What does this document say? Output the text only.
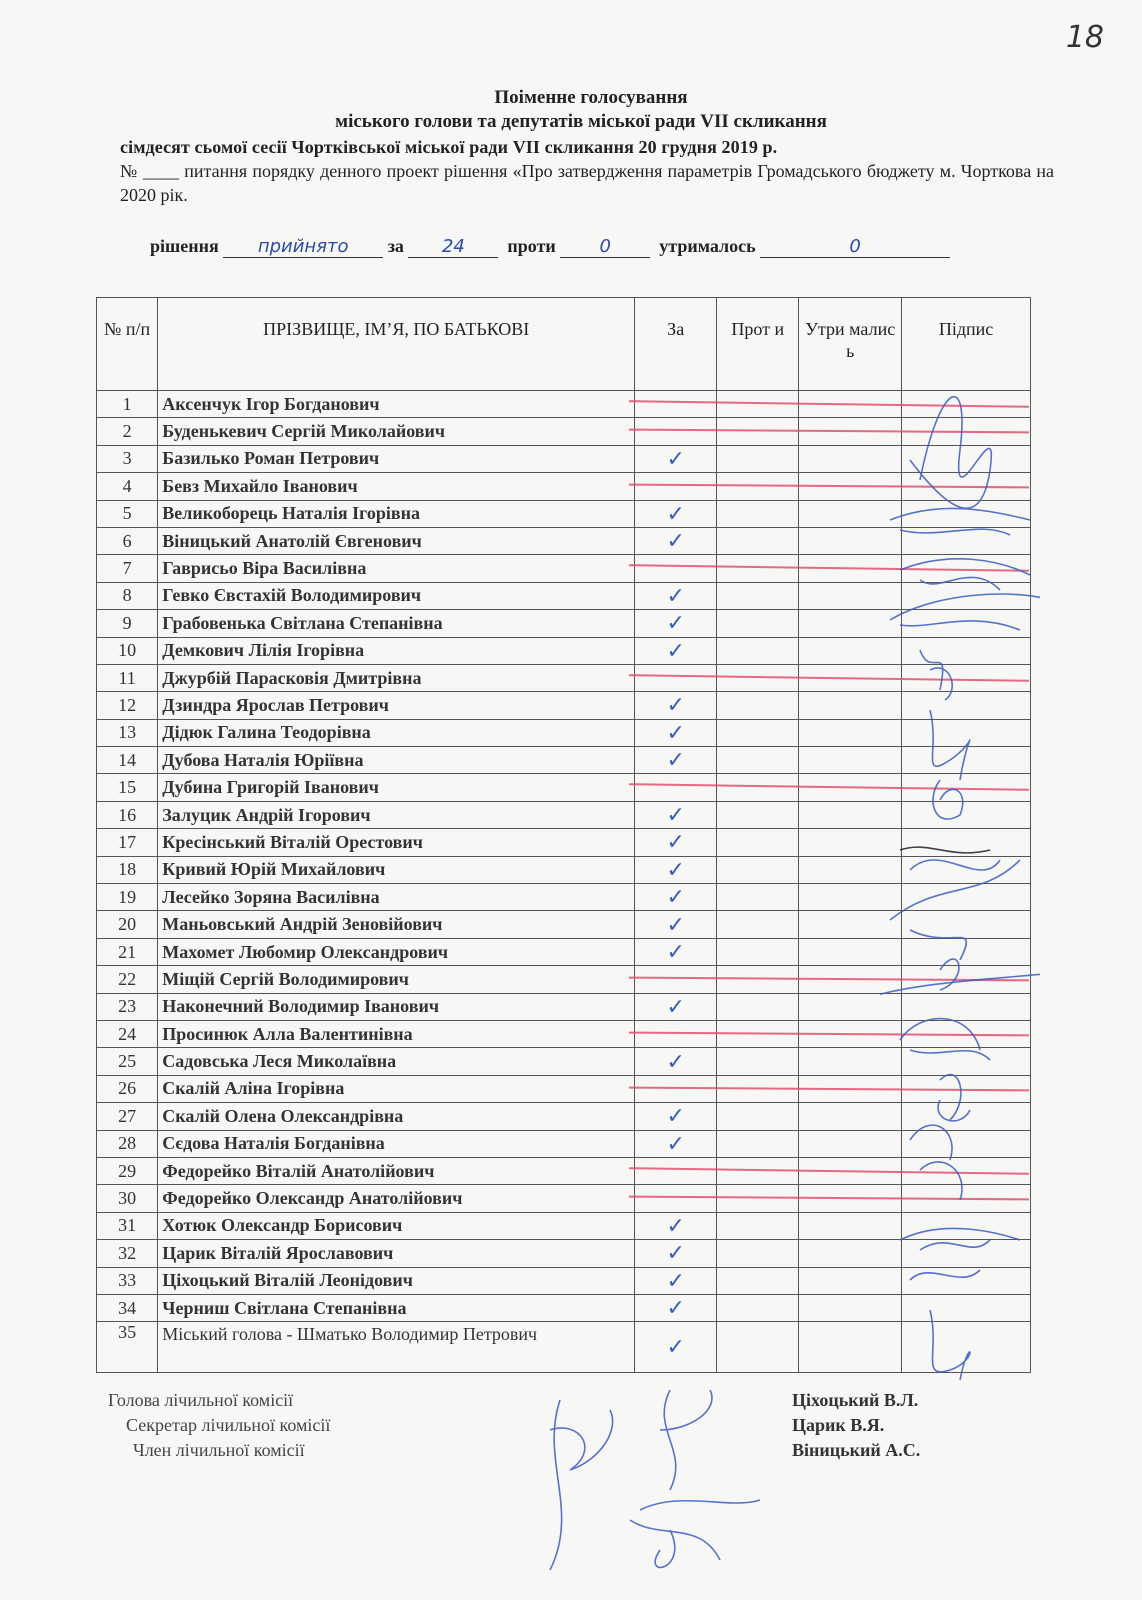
18
Поіменне голосування
міського голови та депутатів міської ради VII скликання
сімдесят сьомої сесії Чортківської міської ради VII скликання 20 грудня 2019 р.
№ ____ питання порядку денного проект рішення «Про затвердження параметрів Громадського бюджету м. Чорткова на 2020 рік.
рішення прийнято за 24 проти 0	утрималось	0
№ п/п	ПРІЗВИЩЕ, ІМ’Я, ПО БАТЬКОВІ	За	Прот и	Утри малис ь	Підпис
1	Аксенчук Ігор Богданович				
2	Буденькевич Сергій Миколайович				
3	Базилько Роман Петрович	✓			
4	Бевз Михайло Іванович				
5	Великоборець Наталія Ігорівна	✓			
6	Віницький Анатолій Євгенович	✓			
7	Гаврисьо Віра Василівна				
8	Гевко Євстахій Володимирович	✓			
9	Грабовенька Світлана Степанівна	✓			
10	Демкович Лілія Ігорівна	✓			
11	Джурбій Парасковія Дмитрівна				
12	Дзиндра Ярослав Петрович	✓			
13	Дідюк Галина Теодорівна	✓			
14	Дубова Наталія Юріївна	✓			
15	Дубина Григорій Іванович				
16	Залуцик Андрій Ігорович	✓			
17	Кресінський Віталій Орестович	✓			
18	Кривий Юрій Михайлович	✓			
19	Лесейко Зоряна Василівна	✓			
20	Маньовський Андрій Зеновійович	✓			
21	Махомет Любомир Олександрович	✓			
22	Міщій Сергій Володимирович				
23	Наконечний Володимир Іванович	✓			
24	Просинюк Алла Валентинівна				
25	Садовська Леся Миколаївна	✓			
26	Скалій Аліна Ігорівна				
27	Скалій Олена Олександрівна	✓			
28	Сєдова Наталія Богданівна	✓			
29	Федорейко Віталій Анатолійович				
30	Федорейко Олександр Анатолійович				
31	Хотюк Олександр Борисович	✓			
32	Царик Віталій Ярославович	✓			
33	Ціхоцький Віталій Леонідович	✓			
34	Черниш Світлана Степанівна	✓			
35	Міський голова - Шматько Володимир Петрович	✓			
Голова лічильної комісії
Секретар лічильної комісії
Член лічильної комісії
Ціхоцький В.Л.
Царик В.Я.
Віницький А.С.
